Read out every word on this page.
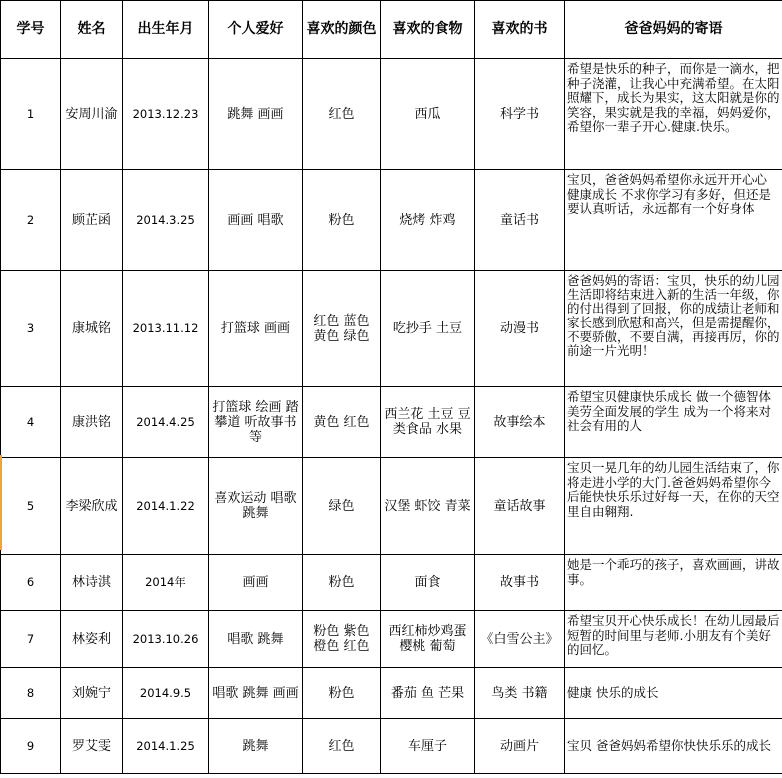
学号	姓名	出生年月	个人爱好	喜欢的颜色	喜欢的食物	喜欢的书	爸爸妈妈的寄语
1	安周川渝	2013.12.23	跳舞 画画	红色	西瓜	科学书	希望是快乐的种子，而你是一滴水，把种子浇灌，让我心中充满希望。在太阳照耀下，成长为果实，这太阳就是你的笑容，果实就是我的幸福，妈妈爱你，希望你一辈子开心.健康.快乐。
2	顾芷函	2014.3.25	画画 唱歌	粉色	烧烤 炸鸡	童话书	宝贝，爸爸妈妈希望你永远开开心心 健康成长 不求你学习有多好，但还是要认真听话，永远都有一个好身体
3	康城铭	2013.11.12	打篮球 画画	红色 蓝色 黄色 绿色	吃抄手 土豆	动漫书	爸爸妈妈的寄语：宝贝，快乐的幼儿园生活即将结束进入新的生活一年级，你的付出得到了回报，你的成绩让老师和家长感到欣慰和高兴，但是需提醒你，不要骄傲，不要自满，再接再厉，你的前途一片光明！
4	康洪铭	2014.4.25	打篮球 绘画 踏攀道 听故事书等	黄色 红色	西兰花 土豆 豆类食品 水果	故事绘本	希望宝贝健康快乐成长 做一个德智体美劳全面发展的学生 成为一个将来对社会有用的人
5	李梁欣成	2014.1.22	喜欢运动 唱歌 跳舞	绿色	汉堡 虾饺 青菜	童话故事	宝贝一晃几年的幼儿园生活结束了，你将走进小学的大门.爸爸妈妈希望你今后能快快乐乐过好每一天，在你的天空里自由翱翔.
6	林诗淇	2014年	画画	粉色	面食	故事书	她是一个乖巧的孩子，喜欢画画，讲故事。
7	林姿利	2013.10.26	唱歌 跳舞	粉色 紫色 橙色 红色	西红柿炒鸡蛋 樱桃 葡萄	《白雪公主》	希望宝贝开心快乐成长！在幼儿园最后短暂的时间里与老师.小朋友有个美好的回忆。
8	刘婉宁	2014.9.5	唱歌 跳舞 画画	粉色	番茄 鱼 芒果	鸟类 书籍	健康 快乐的成长
9	罗艾雯	2014.1.25	跳舞	红色	车厘子	动画片	宝贝 爸爸妈妈希望你快快乐乐的成长
